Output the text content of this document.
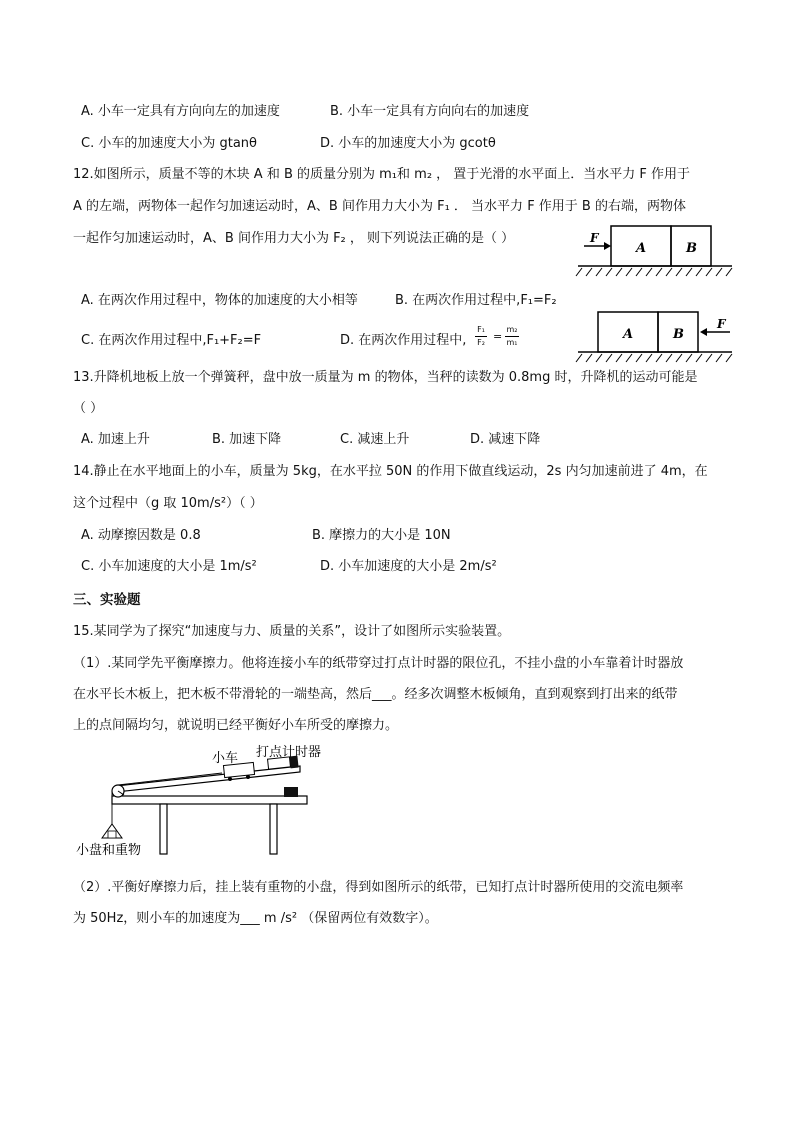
A. 小车一定具有方向向左的加速度	B. 小车一定具有方向向右的加速度
C. 小车的加速度大小为 gtanθ	D. 小车的加速度大小为 gcotθ
12.如图所示，质量不等的木块 A 和 B 的质量分别为 m₁和 m₂ ， 置于光滑的水平面上．当水平力 F 作用于
A 的左端，两物体一起作匀加速运动时，A、B 间作用力大小为 F₁ ． 当水平力 F 作用于 B 的右端，两物体
一起作匀加速运动时，A、B 间作用力大小为 F₂ ， 则下列说法正确的是（ ）	F
A	B
A. 在两次作用过程中，物体的加速度的大小相等	B. 在两次作用过程中,F₁=F₂
C. 在两次作用过程中,F₁+F₂=F	D. 在两次作用过程中,
F₁
F₂ =
m₂
m₁
F
A	B
13.升降机地板上放一个弹簧秤，盘中放一质量为 m 的物体，当秤的读数为 0.8mg 时，升降机的运动可能是
（ ）
A. 加速上升	B. 加速下降	C. 减速上升	D. 减速下降
14.静止在水平地面上的小车，质量为 5kg，在水平拉 50N 的作用下做直线运动，2s 内匀加速前进了 4m，在
这个过程中（g 取 10m/s²）（ ）
A. 动摩擦因数是 0.8	B. 摩擦力的大小是 10N
C. 小车加速度的大小是 1m/s²	D. 小车加速度的大小是 2m/s²
三、实验题
15.某同学为了探究“加速度与力、质量的关系”，设计了如图所示实验装置。
（1）.某同学先平衡摩擦力。他将连接小车的纸带穿过打点计时器的限位孔，不挂小盘的小车靠着计时器放
在水平长木板上，把木板不带滑轮的一端垫高，然后___。经多次调整木板倾角，直到观察到打出来的纸带
上的点间隔均匀，就说明已经平衡好小车所受的摩擦力。
小车 打点计时器
小盘和重物
（2）.平衡好摩擦力后，挂上装有重物的小盘，得到如图所示的纸带，已知打点计时器所使用的交流电频率
为 50Hz，则小车的加速度为___ m /s² （保留两位有效数字）。
